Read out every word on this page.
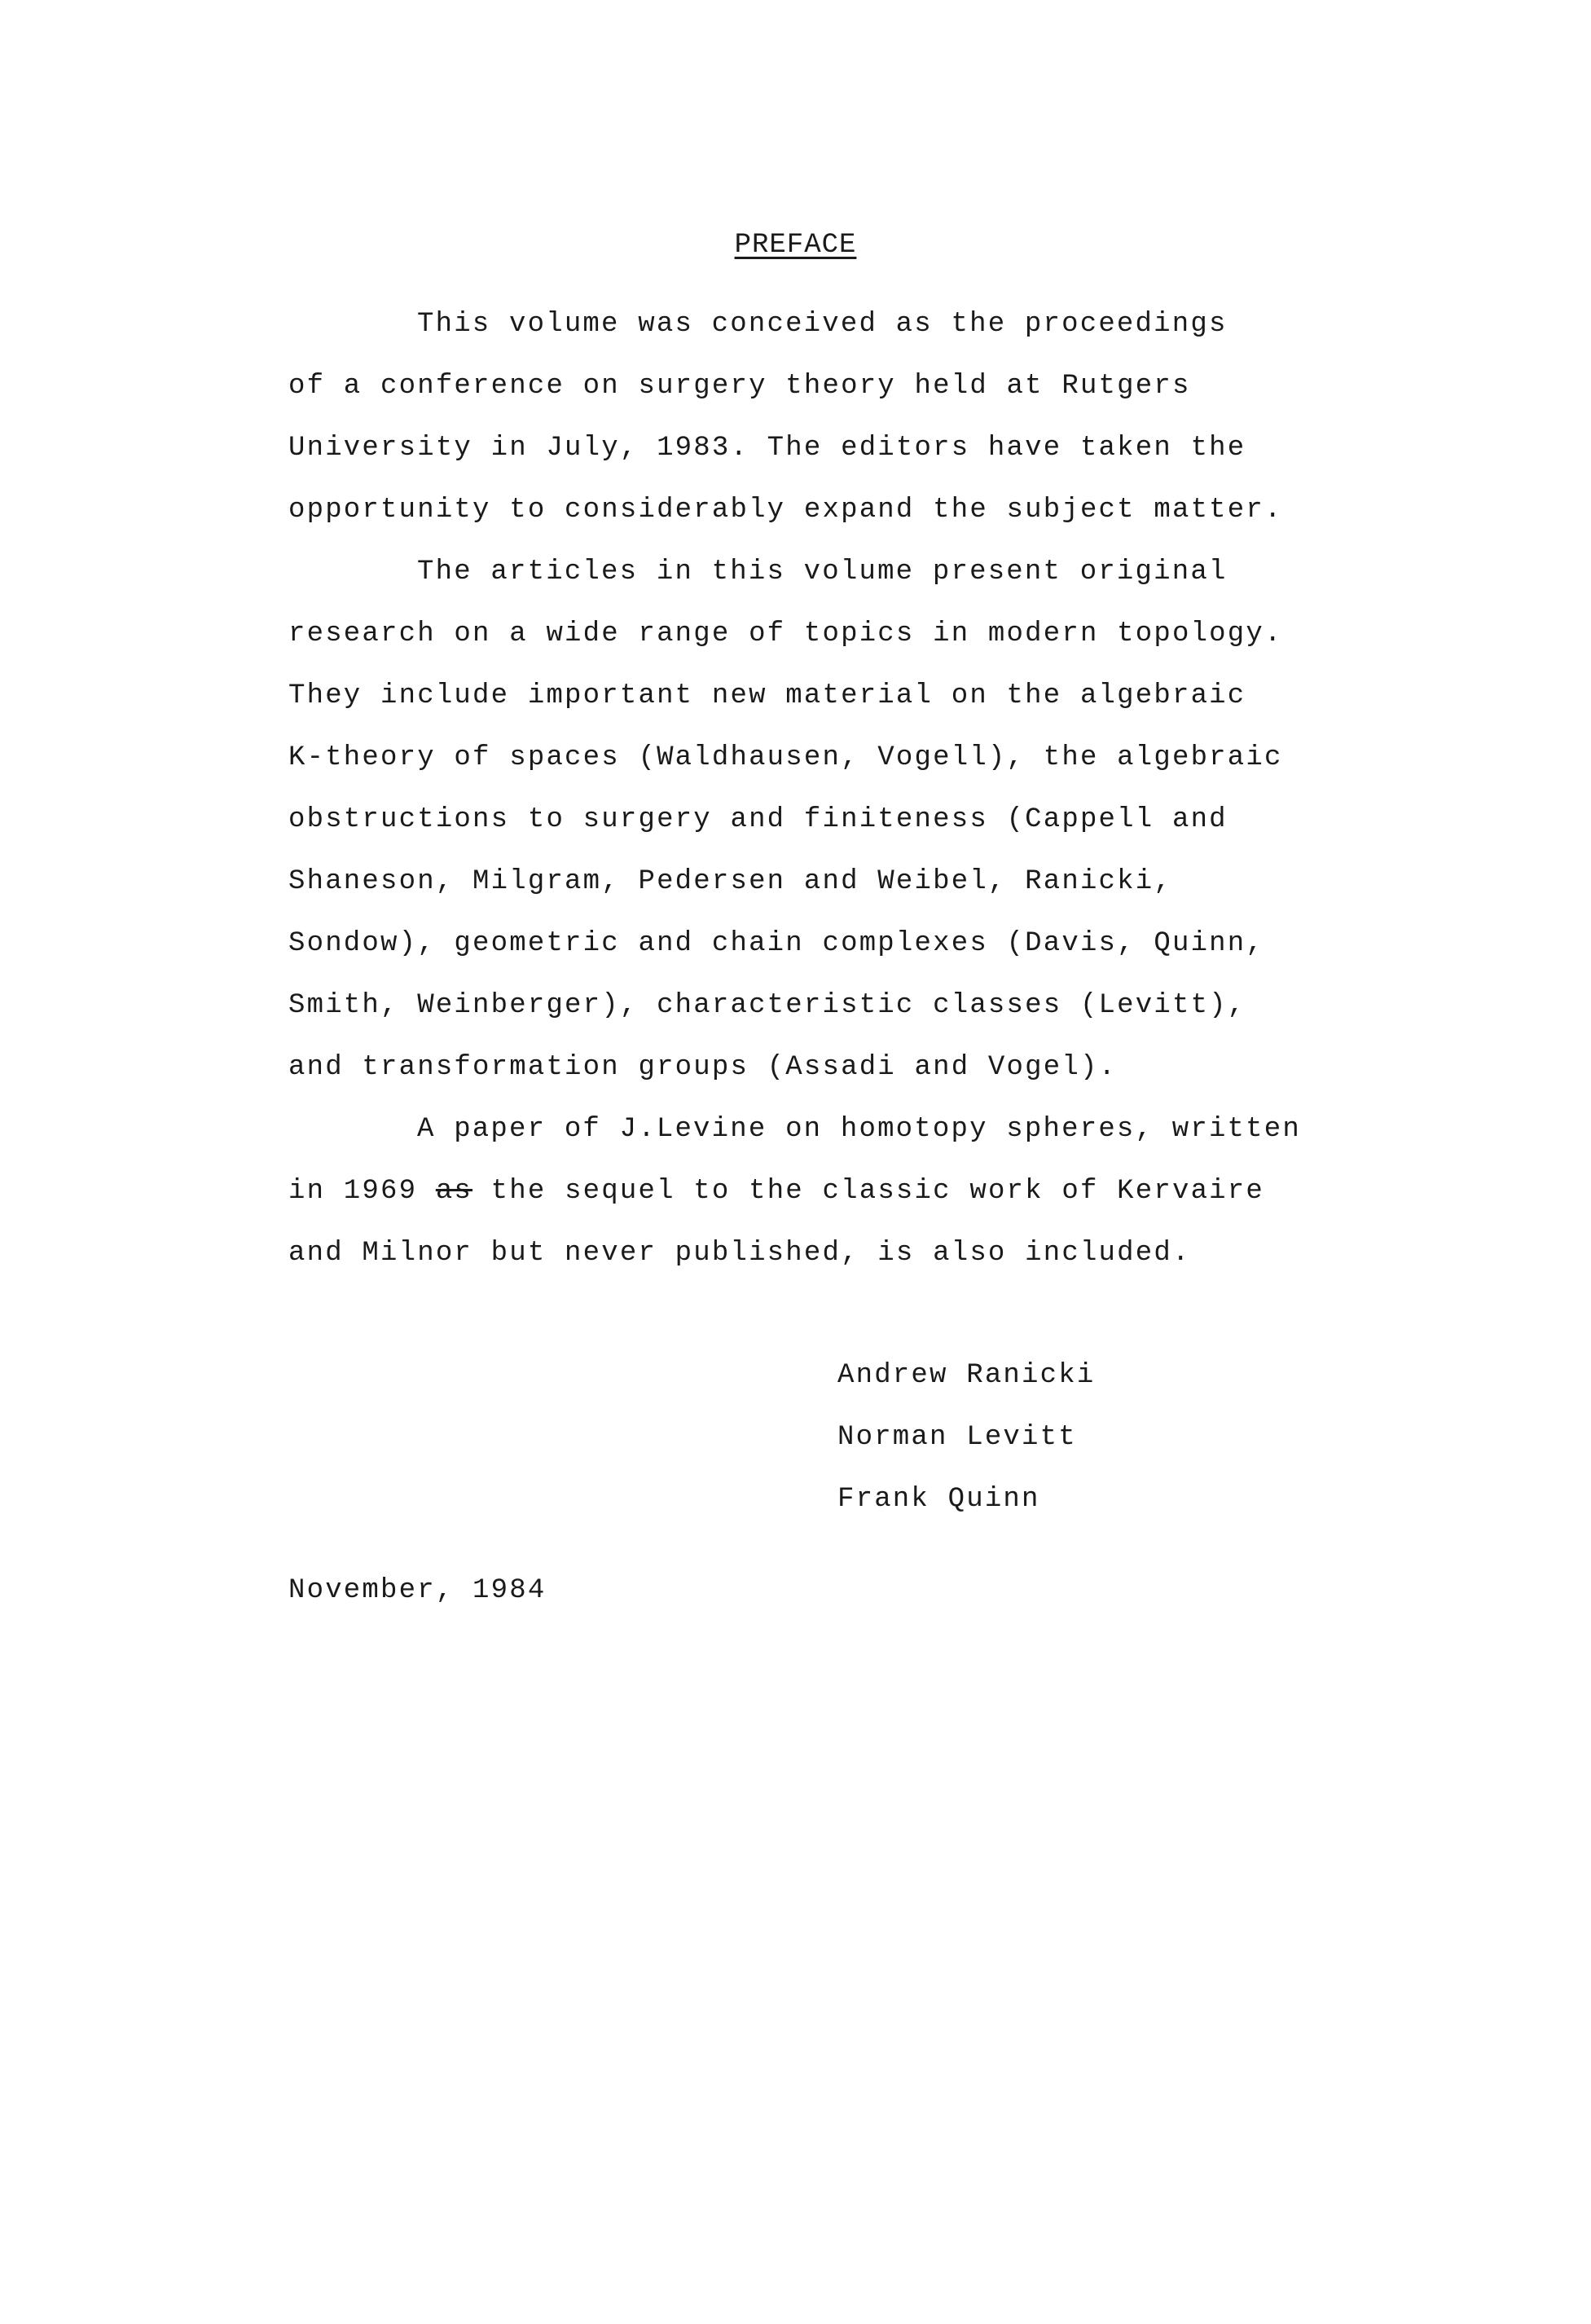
PREFACE
This volume was conceived as the proceedings
of a conference on surgery theory held at Rutgers
University in July, 1983. The editors have taken the
opportunity to considerably expand the subject matter.
The articles in this volume present original
research on a wide range of topics in modern topology.
They include important new material on the algebraic
K-theory of spaces (Waldhausen, Vogell), the algebraic
obstructions to surgery and finiteness (Cappell and
Shaneson, Milgram, Pedersen and Weibel, Ranicki,
Sondow), geometric and chain complexes (Davis, Quinn,
Smith, Weinberger), characteristic classes (Levitt),
and transformation groups (Assadi and Vogel).
A paper of J.Levine on homotopy spheres, written
in 1969 as the sequel to the classic work of Kervaire
and Milnor but never published, is also included.
Andrew Ranicki
Norman Levitt
Frank Quinn
November, 1984
